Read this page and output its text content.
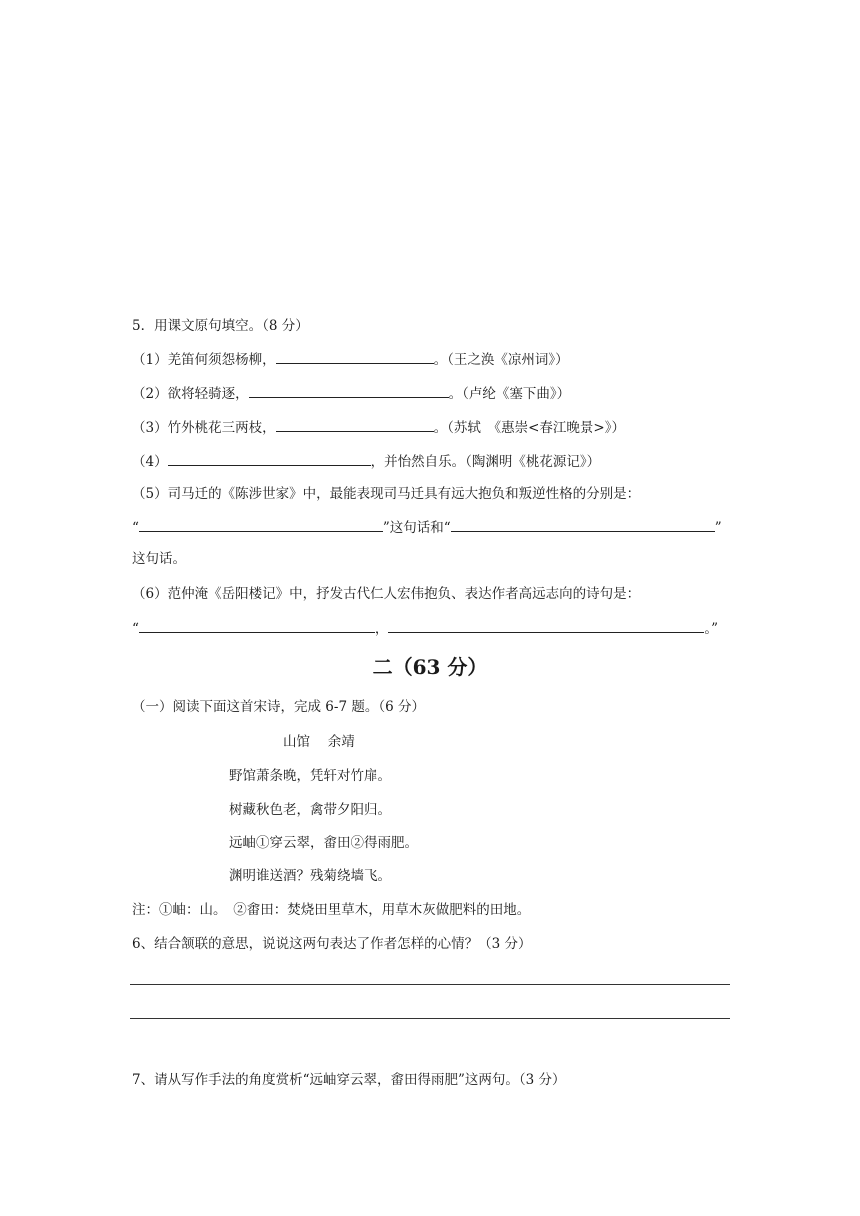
5．用课文原句填空。（8 分）
（1）羌笛何须怨杨柳，	。（王之涣《凉州词》）
（2）欲将轻骑逐，	。（卢纶《塞下曲》）
（3）竹外桃花三两枝，	。（苏轼　《惠崇<春江晚景>》）
（4）	，并怡然自乐。（陶渊明《桃花源记》）
（5）司马迁的《陈涉世家》中，最能表现司马迁具有远大抱负和叛逆性格的分别是：
“	”这句话和“	”
这句话。
（6）范仲淹《岳阳楼记》中，抒发古代仁人宏伟抱负、表达作者高远志向的诗句是：
“	，	。”
二（63 分）
（一）阅读下面这首宋诗，完成 6-7 题。（6 分）
山馆　 余靖
野馆萧条晚，凭轩对竹扉。
树藏秋色老，禽带夕阳归。
远岫①穿云翠，畬田②得雨肥。
渊明谁送酒？残菊绕墙飞。
注：①岫：山。　②畬田：焚烧田里草木，用草木灰做肥料的田地。
6、结合颔联的意思，说说这两句表达了作者怎样的心情？（3 分）
7、请从写作手法的角度赏析“远岫穿云翠，畬田得雨肥”这两句。（3 分）
